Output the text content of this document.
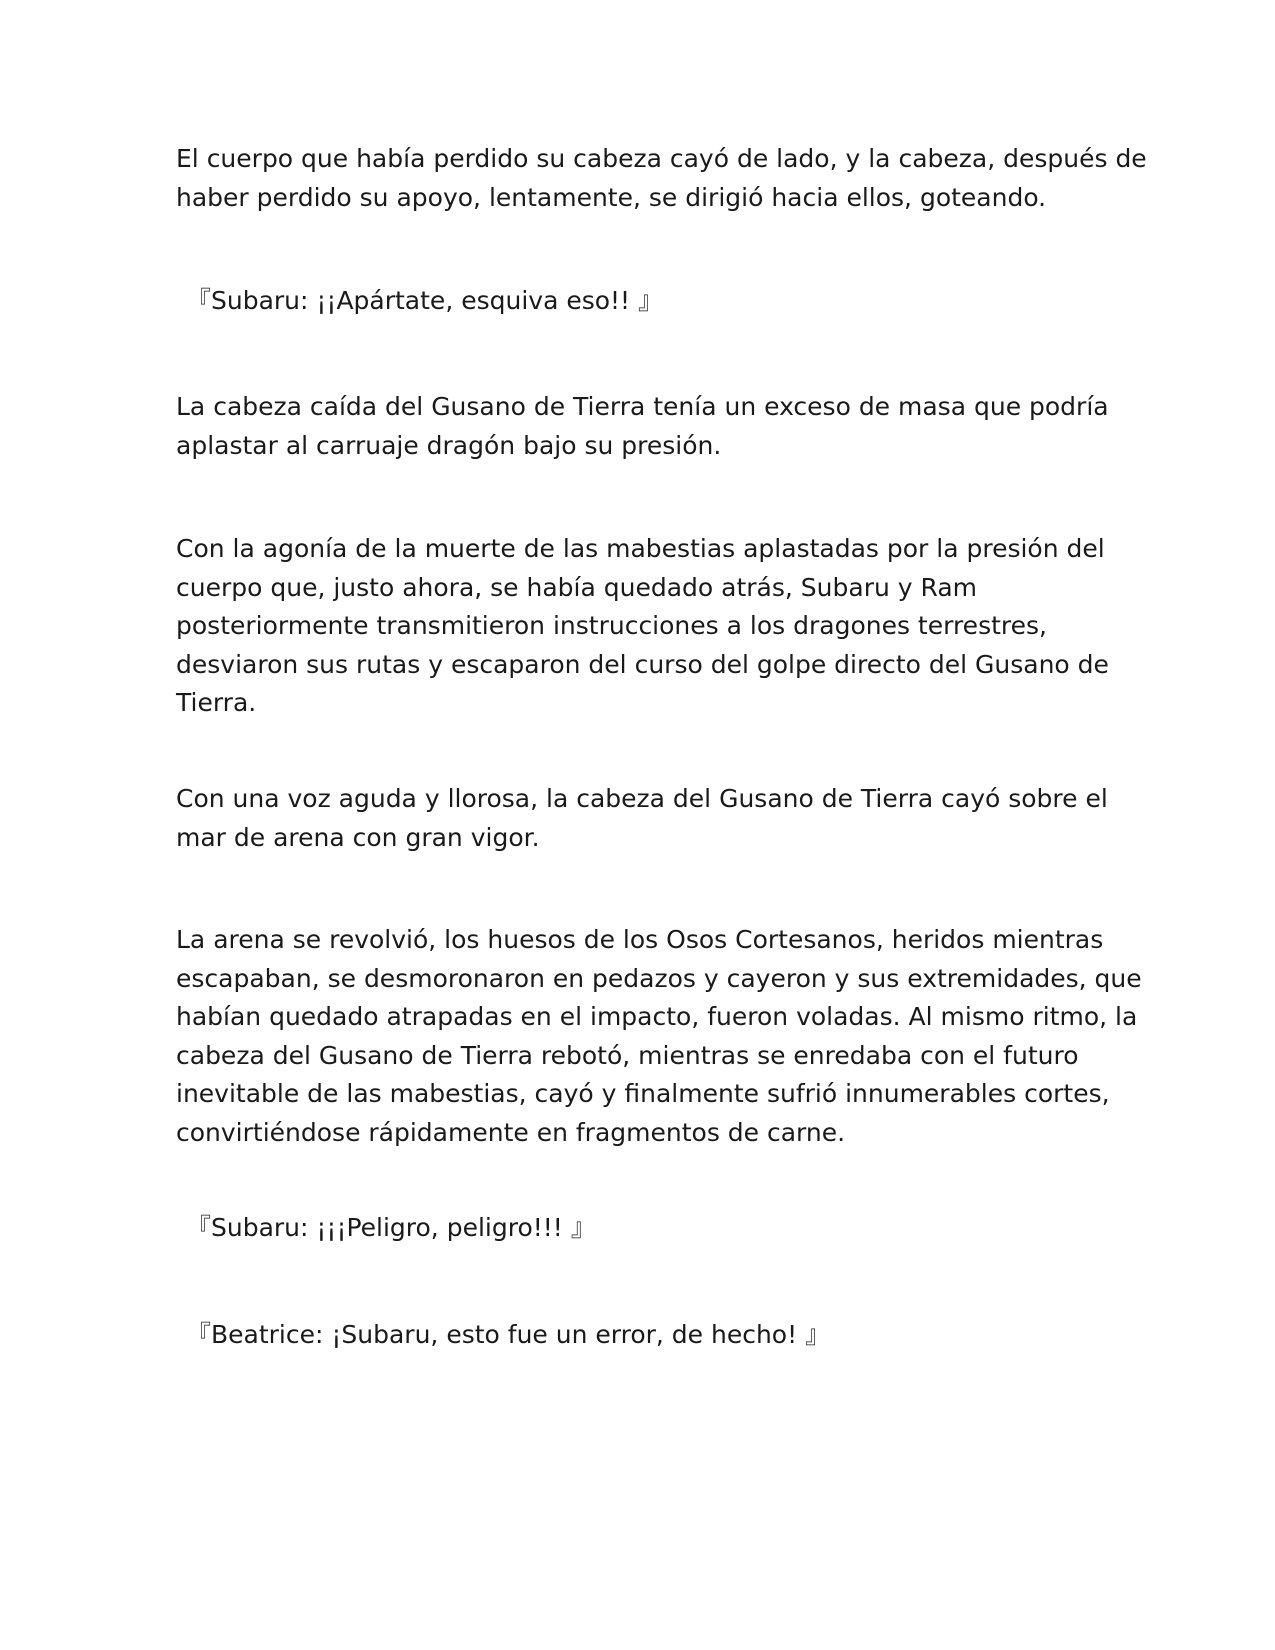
El cuerpo que había perdido su cabeza cayó de lado, y la cabeza, después de
haber perdido su apoyo, lentamente, se dirigió hacia ellos, goteando.

『Subaru: ¡¡Apártate, esquiva eso!! 』

La cabeza caída del Gusano de Tierra tenía un exceso de masa que podría
aplastar al carruaje dragón bajo su presión.

Con la agonía de la muerte de las mabestias aplastadas por la presión del
cuerpo que, justo ahora, se había quedado atrás, Subaru y Ram
posteriormente transmitieron instrucciones a los dragones terrestres,
desviaron sus rutas y escaparon del curso del golpe directo del Gusano de
Tierra.

Con una voz aguda y llorosa, la cabeza del Gusano de Tierra cayó sobre el
mar de arena con gran vigor.

La arena se revolvió, los huesos de los Osos Cortesanos, heridos mientras
escapaban, se desmoronaron en pedazos y cayeron y sus extremidades, que
habían quedado atrapadas en el impacto, fueron voladas. Al mismo ritmo, la
cabeza del Gusano de Tierra rebotó, mientras se enredaba con el futuro
inevitable de las mabestias, cayó y finalmente sufrió innumerables cortes,
convirtiéndose rápidamente en fragmentos de carne.

『Subaru: ¡¡¡Peligro, peligro!!! 』

『Beatrice: ¡Subaru, esto fue un error, de hecho! 』
